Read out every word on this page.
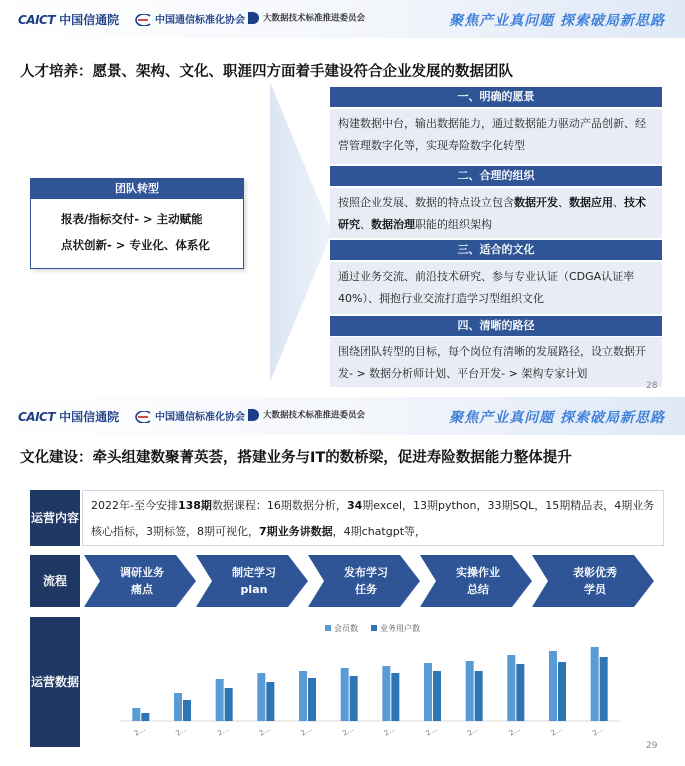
CAICT 中国信通院	中国通信标准化协会	大数据技术标准推进委员会	聚焦产业真问题 探索破局新思路
人才培养：愿景、架构、文化、职涯四方面着手建设符合企业发展的数据团队
团队转型
报表/指标交付- > 主动赋能
点状创新- > 专业化、体系化
一、明确的愿景
构建数据中台，输出数据能力，通过数据能力驱动产品创新、经营管理数字化等，实现寿险数字化转型
二、合理的组织
按照企业发展、数据的特点设立包含数据开发、数据应用、技术研究、数据治理职能的组织架构
三、适合的文化
通过业务交流、前沿技术研究、参与专业认证（CDGA认证率40%）、拥抱行业交流打造学习型组织文化
四、清晰的路径
围绕团队转型的目标，每个岗位有清晰的发展路径，设立数据开发- > 数据分析师计划、平台开发- > 架构专家计划
28
CAICT 中国信通院	中国通信标准化协会	大数据技术标准推进委员会	聚焦产业真问题 探索破局新思路
文化建设：牵头组建数聚菁英荟，搭建业务与IT的数桥梁，促进寿险数据能力整体提升
运营内容
2022年-至今安排138期数据课程：16期数据分析，34期excel，13期python，33期SQL，15期精品表，4期业务核心指标，3期标签，8期可视化，7期业务讲数据，4期chatgpt等，
流程
调研业务
痛点
制定学习
plan
发布学习
任务
实操作业
总结
表彰优秀
学员
运营数据
会员数	业务用户数
2…	2…	2…	2…	2…	2…	2…	2…	2…	2…	2…	2…
29
